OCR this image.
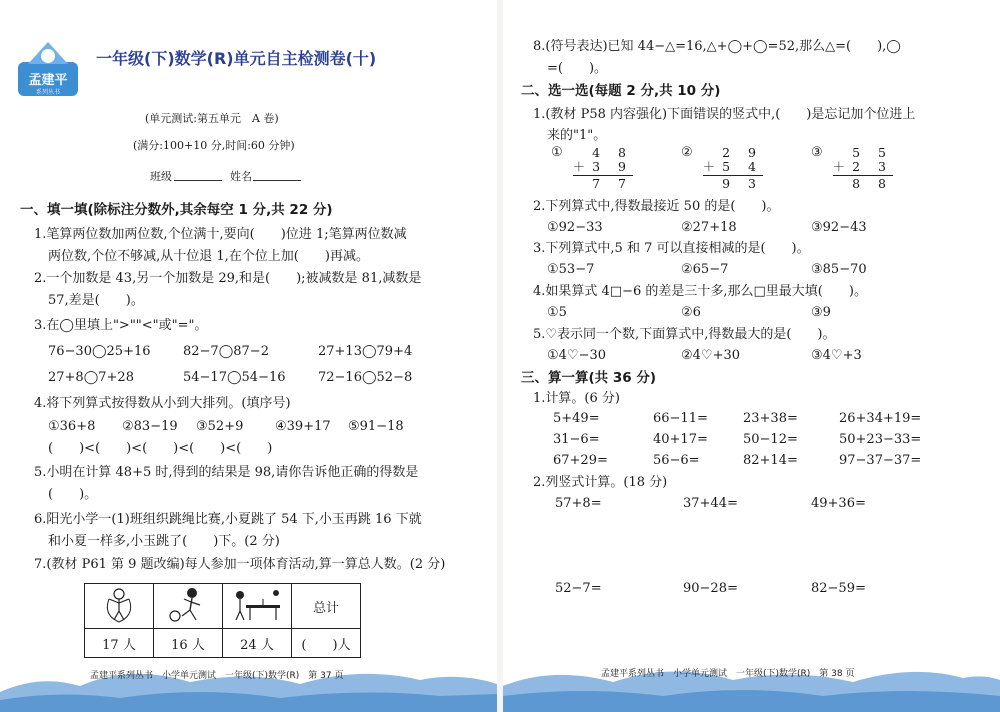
孟建平
系列丛书
一年级(下)数学(R)单元自主检测卷(十)
(单元测试:第五单元　A 卷)
(满分:100+10 分,时间:60 分钟)
班级	姓名
一、填一填(除标注分数外,其余每空 1 分,共 22 分)
1.笔算两位数加两位数,个位满十,要向(　　)位进 1;笔算两位数减
两位数,个位不够减,从十位退 1,在个位上加(　　)再减。
2.一个加数是 43,另一个加数是 29,和是(　　);被减数是 81,减数是
57,差是(　　)。
3.在◯里填上">""<"或"="。
76−30◯25+16 82−7◯87−2	27+13◯79+4
27+8◯7+28	54−17◯54−16 72−16◯52−8
4.将下列算式按得数从小到大排列。(填序号)
①36+8 ②83−19 ③52+9 ④39+17 ⑤91−18
(　　)<(　　)<(　　)<(　　)<(　　)
5.小明在计算 48+5 时,得到的结果是 98,请你告诉他正确的得数是
(　　)。
6.阳光小学一(1)班组织跳绳比赛,小夏跳了 54 下,小玉再跳 16 下就
和小夏一样多,小玉跳了(　　)下。(2 分)
7.(教材 P61 第 9 题改编)每人参加一项体育活动,算一算总人数。(2 分)
			总计
17 人	16 人	24 人	(　　)人
孟建平系列丛书　小学单元测试　一年级(下)数学(R)　第 37 页
8.(符号表达)已知 44−△=16,△+◯+◯=52,那么△=(　　),◯
=(　　)。
二、选一选(每题 2 分,共 10 分)
1.(教材 P58 内容强化)下面错误的竖式中,(　　)是忘记加个位进上
来的"1"。
①	4 8
＋3 9
7 7
②	2 9
＋5 4
9 3
③	5 5
＋2 3
8 8
2.下列算式中,得数最接近 50 的是(　　)。
①92−33	②27+18	③92−43
3.下列算式中,5 和 7 可以直接相减的是(　　)。
①53−7	②65−7	③85−70
4.如果算式 4□−6 的差是三十多,那么□里最大填(　　)。
①5	②6	③9
5.♡表示同一个数,下面算式中,得数最大的是(　　)。
①4♡−30	②4♡+30	③4♡+3
三、算一算(共 36 分)
1.计算。(6 分)
5+49=	66−11=	23+38=	26+34+19=
31−6=	40+17=	50−12=	50+23−33=
67+29=	56−6=	82+14=	97−37−37=
2.列竖式计算。(18 分)
57+8=	37+44=	49+36=
52−7=	90−28=	82−59=
孟建平系列丛书　小学单元测试　一年级(下)数学(R)　第 38 页
